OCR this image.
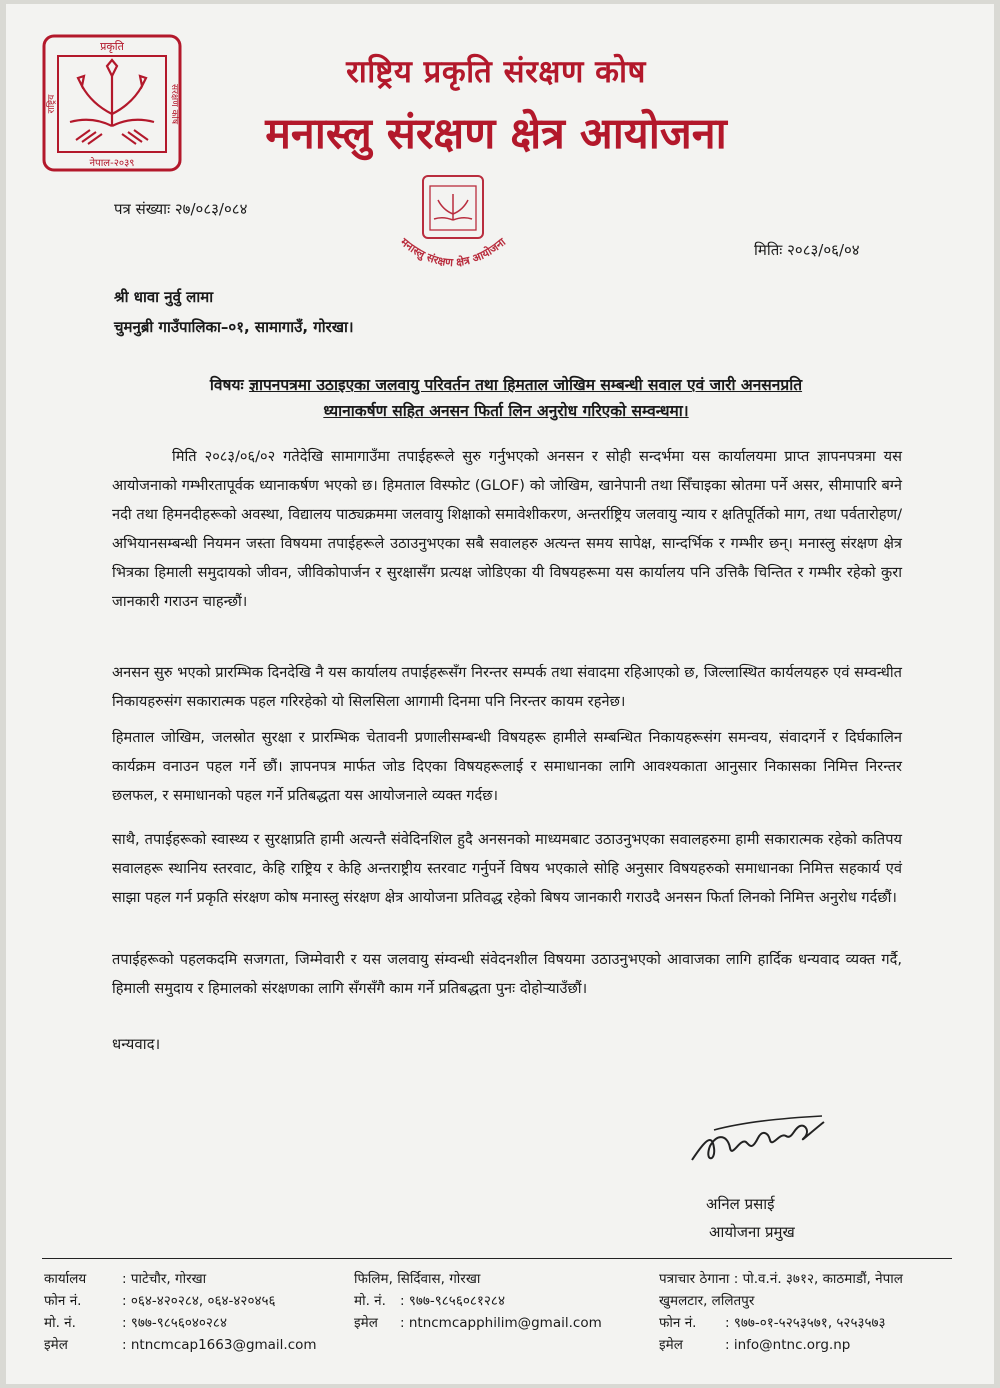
प्रकृति
नेपाल-२०३९
राष्ट्रिय	संरक्षण कोष
राष्ट्रिय प्रकृति संरक्षण कोष
मनास्लु संरक्षण क्षेत्र आयोजना
मनास्लु संरक्षण क्षेत्र आयोजना
पत्र संख्याः २७/०८३/०८४
मितिः २०८३/०६/०४
श्री धावा नुर्वु लामा
चुमनुब्री गाउँपालिका–०१, सामागाउँ, गोरखा।
विषयः ज्ञापनपत्रमा उठाइएका जलवायु परिवर्तन तथा हिमताल जोखिम सम्बन्धी सवाल एवं जारी अनसनप्रति
ध्यानाकर्षण सहित अनसन फिर्ता लिन अनुरोध गरिएको सम्वन्धमा।
मिति २०८३/०६/०२ गतेदेखि सामागाउँमा तपाईहरूले सुरु गर्नुभएको अनसन र सोही सन्दर्भमा यस कार्यालयमा प्राप्त ज्ञापनपत्रमा यस आयोजनाको गम्भीरतापूर्वक ध्यानाकर्षण भएको छ। हिमताल विस्फोट (GLOF) को जोखिम, खानेपानी तथा सिँचाइका स्रोतमा पर्ने असर, सीमापारि बग्ने नदी तथा हिमनदीहरूको अवस्था, विद्यालय पाठ्यक्रममा जलवायु शिक्षाको समावेशीकरण, अन्तर्राष्ट्रिय जलवायु न्याय र क्षतिपूर्तिको माग, तथा पर्वतारोहण/अभियानसम्बन्धी नियमन जस्ता विषयमा तपाईहरूले उठाउनुभएका सबै सवालहरु अत्यन्त समय सापेक्ष, सान्दर्भिक र गम्भीर छन्। मनास्लु संरक्षण क्षेत्र भित्रका हिमाली समुदायको जीवन, जीविकोपार्जन र सुरक्षासँग प्रत्यक्ष जोडिएका यी विषयहरूमा यस कार्यालय पनि उत्तिकै चिन्तित र गम्भीर रहेको कुरा जानकारी गराउन चाहन्छौं।
अनसन सुरु भएको प्रारम्भिक दिनदेखि नै यस कार्यालय तपाईहरूसँग निरन्तर सम्पर्क तथा संवादमा रहिआएको छ, जिल्लास्थित कार्यलयहरु एवं सम्वन्धीत निकायहरुसंग सकारात्मक पहल गरिरहेको यो सिलसिला आगामी दिनमा पनि निरन्तर कायम रहनेछ।
हिमताल जोखिम, जलस्रोत सुरक्षा र प्रारम्भिक चेतावनी प्रणालीसम्बन्धी विषयहरू हामीले सम्बन्धित निकायहरूसंग समन्वय, संवादगर्ने र दिर्घकालिन कार्यक्रम वनाउन पहल गर्ने छौं। ज्ञापनपत्र मार्फत जोड दिएका विषयहरूलाई र समाधानका लागि आवश्यकाता आनुसार निकासका निमित्त निरन्तर छलफल, र समाधानको पहल गर्ने प्रतिबद्धता यस आयोजनाले व्यक्त गर्दछ।
साथै, तपाईहरूको स्वास्थ्य र सुरक्षाप्रति हामी अत्यन्तै संवेदिनशिल हुदै अनसनको माध्यमबाट उठाउनुभएका सवालहरुमा हामी सकारात्मक रहेको कतिपय सवालहरू स्थानिय स्तरवाट, केहि राष्ट्रिय र केहि अन्तराष्ट्रीय स्तरवाट गर्नुपर्ने विषय भएकाले सोहि अनुसार विषयहरुको समाधानका निमित्त सहकार्य एवं साझा पहल गर्न प्रकृति संरक्षण कोष मनास्लु संरक्षण क्षेत्र आयोजना प्रतिवद्ध रहेको बिषय जानकारी गराउदै अनसन फिर्ता लिनको निमित्त अनुरोध गर्दछौं।
तपाईहरूको पहलकदमि सजगता, जिम्मेवारी र यस जलवायु संम्वन्धी संवेदनशील विषयमा उठाउनुभएको आवाजका लागि हार्दिक धन्यवाद व्यक्त गर्दै, हिमाली समुदाय र हिमालको संरक्षणका लागि सँगसँगै काम गर्ने प्रतिबद्धता पुनः दोहोऱ्याउँछौं।
धन्यवाद।
अनिल प्रसाई
आयोजना प्रमुख
कार्यालय	: पाटेचौर, गोरखा
फोन नं.	: ०६४-४२०२८४, ०६४-४२०४५६
मो. नं.	: ९७७-९८५६०४०२८४
इमेल	: ntncmcap1663@gmail.com
फिलिम, सिर्दिवास, गोरखा
मो. नं. : ९७७-९८५६०८१२८४
इमेल : ntncmcapphilim@gmail.com
पत्राचार ठेगाना : पो.व.नं. ३७१२, काठमाडौं, नेपाल
खुमलटार, ललितपुर
फोन नं. : ९७७-०१-५२५३५७१, ५२५३५७३
इमेल	: info@ntnc.org.np
